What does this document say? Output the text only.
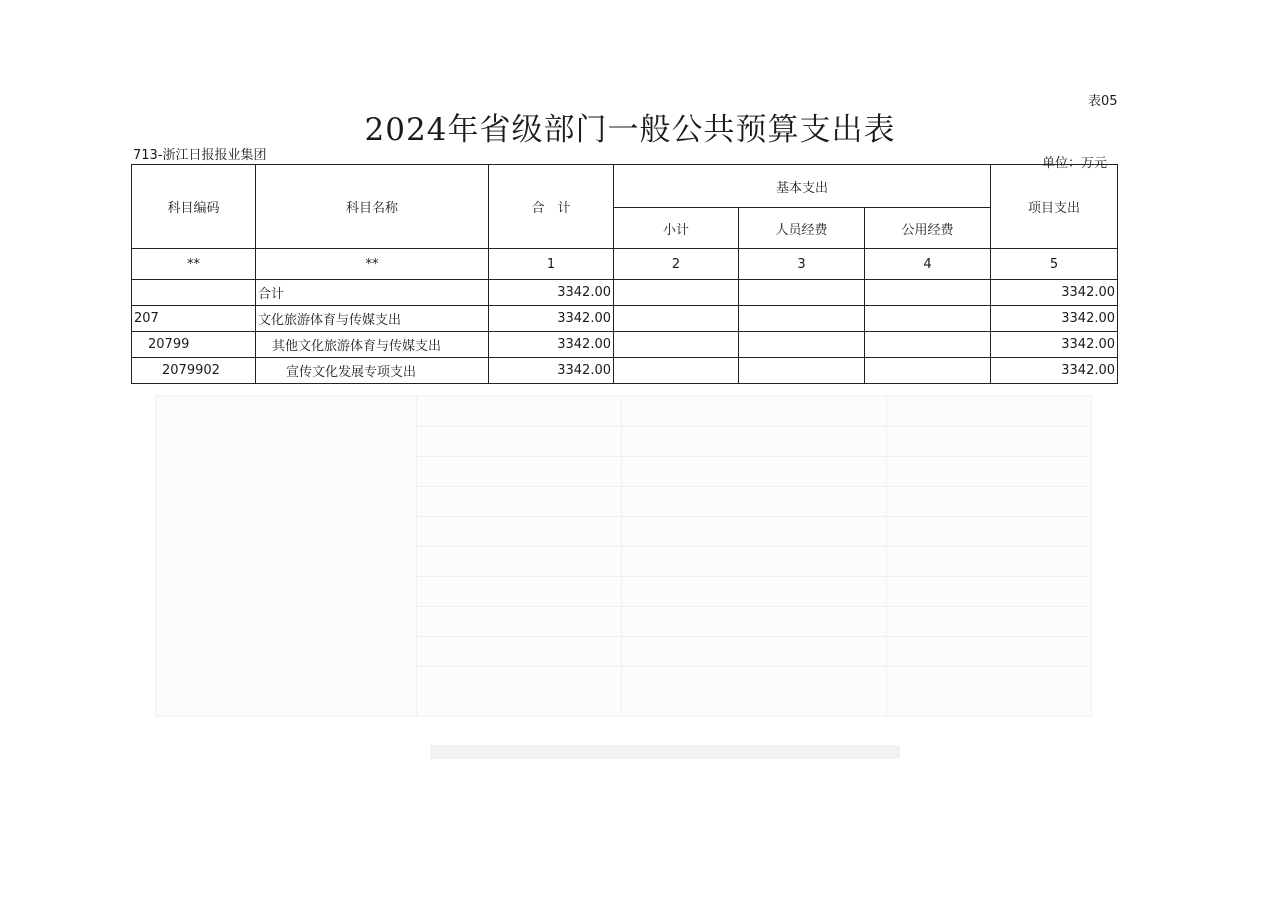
表05
2024年省级部门一般公共预算支出表
713-浙江日报报业集团
单位：万元
科目编码	科目名称	合　计	基本支出			项目支出
			小计	人员经费	公用经费	
**	**	1	2	3	4	5
	合计	3342.00				3342.00
207	文化旅游体育与传媒支出	3342.00				3342.00
20799	其他文化旅游体育与传媒支出	3342.00				3342.00
2079902	宣传文化发展专项支出	3342.00				3342.00
